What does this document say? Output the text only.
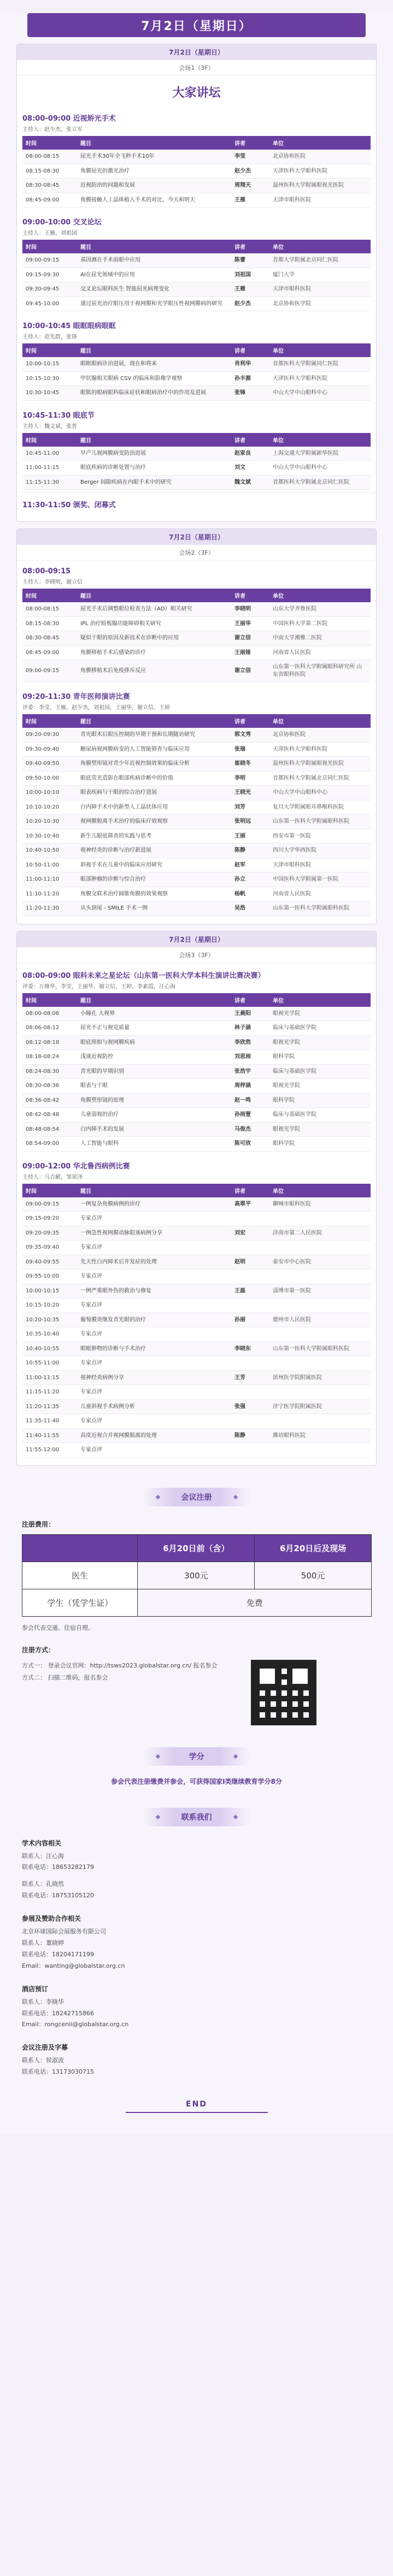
7月2日（星期日）
7月2日（星期日）
会场1（3F）
大家讲坛
08:00-09:00 近视矫光手术
主持人：赵少杰，张立军
时间	题目	讲者	单位
08:00-08:15	屈光手术30年全飞秒手术10年	李莹	北京协和医院
08:15-08:30	角膜屈光的激光治疗	赵少杰	天津医科大学眼科医院
08:30-08:45	近视防治的问题和发展	周翔天	温州医科大学附属眼视光医院
08:45-09:00	角膜接触人工晶体植入手术的对比，今天和明天	王雁	天津市眼科医院
09:00-10:00 交叉论坛
主持人：王雁，刘祖国
时间	题目	讲者	单位
09:00-09:15	基因测在手术前眼中应用	陈蕾	首都大学附属北京同仁医院
09:15-09:30	AI在屈光领域中的应用	刘祖国	厦门大学
09:30-09:45	交叉论坛眼科医生 智能屈光病理变化	王雁	天津市眼科医院
09:45-10:00	通过屈光治疗眼压用于视网膜和光学眼压性视网膜病的研究	赵少杰	北京协和医学院
10:00-10:45 眼眶眼病眼眶
主持人：范先群，张锋
时间	题目	讲者	单位
10:00-10:15	眼眶眼病诊治进展，现在和将来	肖利华	首都医科大学附属同仁医院
10:15-10:30	甲状腺相关眼病 CSV 的临床和影像学观察	孙丰源	天津医科大学眼科医院
10:30-10:45	眼肌的眼病眼科临床症状和眼病治疗中的作用及进展	张锋	中山大学中山眼科中心
10:45-11:30 眼底节
主持人：魏文斌，张普
时间	题目	讲者	单位
10:45-11:00	早产儿视网膜病变防治进展	赵家良	上海交通大学附属新华医院
11:00-11:15	眼底疾病的诊断处置与治疗	刘文	中山大学中山眼科中心
11:15-11:30	Berger 间隙疾病在内眼手术中的研究	魏文斌	首都医科大学附属北京同仁医院
11:30-11:50 颁奖、闭幕式
7月2日（星期日）
会场2（3F）
08:00-09:15
主持人：李晓明，谢立信
时间	题目	讲者	单位
08:00-08:15	屈光手术后调整眼位检查方法（AD）相关研究	李晓明	山东大学齐鲁医院
08:15-08:30	IPL 治疗睑板腺功能障碍相关研究	王丽华	中国医科大学第二医院
08:30-08:45	疑似干眼的原因及新技术在诊断中的应用	谢立信	中南大学湘雅二医院
08:45-09:00	角膜移植手术后感染的诊疗	王丽娅	河南省人民医院
09:00-09:15	角膜移植术后免疫排斥反应	谢立信	山东第一医科大学附属眼科研究所 山东省眼科医院
09:20-11:30 青年医师演讲比赛
评委：李莹，王雁，赵少杰，刘祖国，王丽华，谢立信，王婷
时间	题目	讲者	单位
09:20-09:30	青光眼术后眼压控制的早期干预和长期随访研究	郭文秀	北京协和医院
09:30-09:40	糖尿病视网膜病变的人工智能筛查与临床应用	张瑞	天津医科大学眼科医院
09:40-09:50	角膜塑形镜对青少年近视控制效果的临床分析	崔晓冬	温州医科大学附属眼视光医院
09:50-10:00	眼底荧光造影在眼部疾病诊断中的价值	李明	首都医科大学附属北京同仁医院
10:00-10:10	眼表疾病与干眼的综合治疗进展	王晓光	中山大学中山眼科中心
10:10-10:20	白内障手术中的新型人工晶状体应用	刘芳	复旦大学附属眼耳鼻喉科医院
10:20-10:30	视网膜脱离手术治疗的临床疗效观察	张明远	山东第一医科大学附属眼科医院
10:30-10:40	新生儿眼底筛查的实践与思考	王丽	西安市第一医院
10:40-10:50	视神经炎的诊断与治疗新进展	陈静	四川大学华西医院
10:50-11:00	斜视手术在儿童中的临床应用研究	赵军	天津市眼科医院
11:00-11:10	眼部肿瘤的诊断与综合治疗	孙立	中国医科大学附属第一医院
11:10-11:20	角膜交联术治疗圆锥角膜的效果观察	杨帆	河南省人民医院
11:20-11:30	从头到尾 - SMILE 手术一例	吴浩	山东第一医科大学附属眼科医院
7月2日（星期日）
会场3（3F）
08:00-09:00 眼科未来之星论坛（山东第一医科大学本科生演讲比赛决赛）
评委：万修华，李莹，王丽华，谢立信，王婷，李素霞，汪心海
时间	题目	讲者	单位
08:00-08:06	小瞳孔 大视界	王晨阳	眼视光学院
08:06-08:12	屈光不正与视觉质量	林子涵	临床与基础医学院
08:12-08:18	眼底照相与视网膜疾病	李欣然	眼视光学院
08:18-08:24	浅谈近视防控	刘思雨	眼科学院
08:24-08:30	青光眼的早期识别	张浩宇	临床与基础医学院
08:30-08:36	眼表与干眼	周梓涵	眼视光学院
08:36-08:42	角膜塑形镜的原理	赵一鸣	眼科学院
08:42-08:48	儿童弱视的治疗	孙雨萱	临床与基础医学院
08:48-08:54	白内障手术的发展	马俊杰	眼视光学院
08:54-09:00	人工智能与眼科	陈可欣	眼科学院
09:00-12:00 华北鲁西病例比赛
主持人：马吉献，邹荣泽
时间	题目	讲者	单位
09:00-09:15	一例复杂角膜病例的诊疗	高翠平	聊城市眼科医院
09:15-09:20	专家点评		
09:20-09:35	一例急性视网膜动脉阻塞病例分享	刘宏	济南市第二人民医院
09:35-09:40	专家点评		
09:40-09:55	先天性白内障术后并发症的处理	赵明	泰安市中心医院
09:55-10:00	专家点评		
10:00-10:15	一例严重眼外伤的救治与修复	王磊	淄博市第一医院
10:15-10:20	专家点评		
10:20-10:35	葡萄膜炎继发青光眼的治疗	孙丽	德州市人民医院
10:35-10:40	专家点评		
10:40-10:55	眼眶肿物的诊断与手术治疗	李晓东	山东第一医科大学附属眼科医院
10:55-11:00	专家点评		
11:00-11:15	视神经炎病例分享	王芳	滨州医学院附属医院
11:15-11:20	专家点评		
11:20-11:35	儿童斜视手术病例分析	张强	济宁医学院附属医院
11:35-11:40	专家点评		
11:40-11:55	高度近视合并视网膜脱离的处理	陈静	潍坊眼科医院
11:55-12:00	专家点评		
会议注册
注册费用：
	6月20日前（含）	6月20日后及现场
医生	300元	500元
学生（凭学生证）	免费	
参会代表交通、住宿自理。
注册方式：
方式一： 登录会议官网：http://tsws2023.globalstar.org.cn/ 报名参会
方式二： 扫描二维码，报名参会
学分
参会代表注册缴费并参会，可获得国家I类继续教育学分8分
联系我们
学术内容相关
联系人：汪心海
联系电话：18653282179
联系人：孔晓然
联系电话：18753105120
参展及赞助合作相关
北京环球国际会展服务有限公司
联系人：董晓婷
联系电话：18204171199
Email：wanting@globalstar.org.cn
酒店预订
联系人：李晓华
联系电话：18242715866
Email：rongcenli@globalstar.org.cn
会议注册及字幕
联系人：侯淑波
联系电话：13173030715
END
